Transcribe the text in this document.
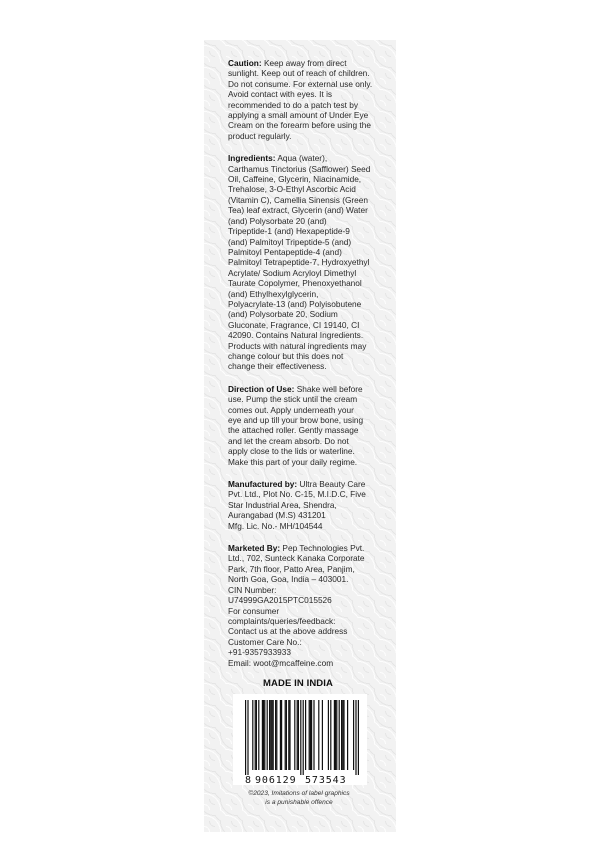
Caution: Keep away from direct
sunlight. Keep out of reach of children.
Do not consume. For external use only.
Avoid contact with eyes. It is
recommended to do a patch test by
applying a small amount of Under Eye
Cream on the forearm before using the
product regularly.

Ingredients: Aqua (water),
Carthamus Tinctorius (Safflower) Seed
Oil, Caffeine, Glycerin, Niacinamide,
Trehalose, 3-O-Ethyl Ascorbic Acid
(Vitamin C), Camellia Sinensis (Green
Tea) leaf extract, Glycerin (and) Water
(and) Polysorbate 20 (and)
Tripeptide-1 (and) Hexapeptide-9
(and) Palmitoyl Tripeptide-5 (and)
Palmitoyl Pentapeptide-4 (and)
Palmitoyl Tetrapeptide-7, Hydroxyethyl
Acrylate/ Sodium Acryloyl Dimethyl
Taurate Copolymer, Phenoxyethanol
(and) Ethylhexylglycerin,
Polyacrylate-13 (and) Polyisobutene
(and) Polysorbate 20, Sodium
Gluconate, Fragrance, CI 19140, CI
42090. Contains Natural Ingredients.
Products with natural ingredients may
change colour but this does not
change their effectiveness.

Direction of Use: Shake well before
use. Pump the stick until the cream
comes out. Apply underneath your
eye and up till your brow bone, using
the attached roller. Gently massage
and let the cream absorb. Do not
apply close to the lids or waterline.
Make this part of your daily regime.

Manufactured by: Ultra Beauty Care
Pvt. Ltd., Plot No. C-15, M.I.D.C, Five
Star Industrial Area, Shendra,
Aurangabad (M.S) 431201
Mfg. Lic. No.- MH/104544

Marketed By: Pep Technologies Pvt.
Ltd., 702, Sunteck Kanaka Corporate
Park, 7th floor, Patto Area, Panjim,
North Goa, Goa, India – 403001.
CIN Number:
U74999GA2015PTC015526
For consumer
complaints/queries/feedback:
Contact us at the above address
Customer Care No.:
+91-9357933933
Email: woot@mcaffeine.com

MADE IN INDIA
8 906129 573543
©2023, Imitations of label graphics
is a punishable offence
